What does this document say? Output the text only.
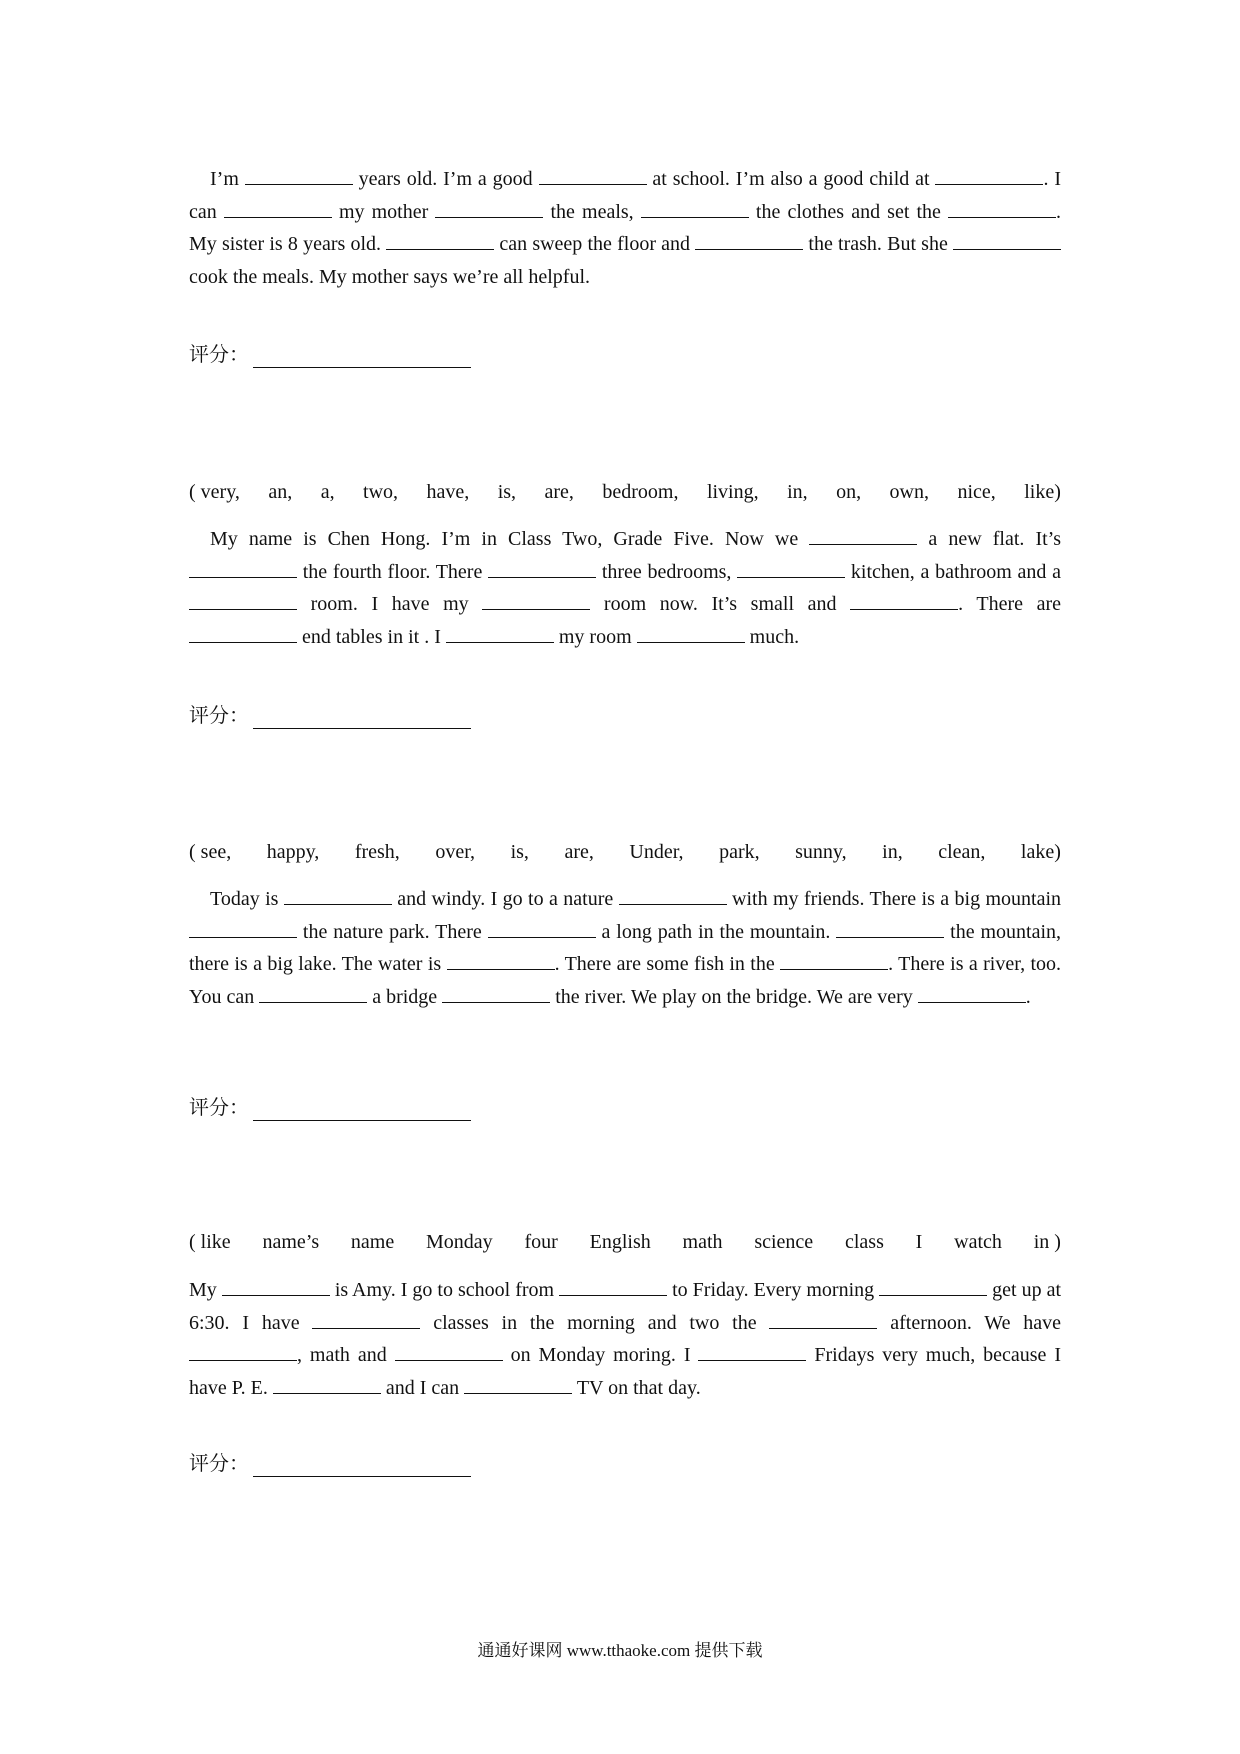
I’m	years old. I’m a good	at school. I’m also a good child at	. I can	my mother	the meals,	the clothes and set the	. My sister is 8 years old.	can sweep the floor and	the trash. But she  cook the meals. My mother says we’re all helpful.

评分：
( very, an, a, two, have, is, are, bedroom, living, in, on, own, nice, like)

My name is Chen Hong. I’m in Class Two, Grade Five. Now we	a new flat. It’s  the fourth floor. There	three bedrooms,	kitchen, a bathroom and a  room. I have my	room now. It’s small and	. There are  end tables in it . I	my room	much.

评分：
( see, happy, fresh, over, is, are, Under, park, sunny, in, clean, lake)

Today is	and windy. I go to a nature	with my friends. There is a big mountain  the nature park. There	a long path in the mountain.	the mountain, there is a big lake. The water is	. There are some fish in the	. There is a river, too. You can	a bridge	the river. We play on the bridge. We are very	.

评分：
( like name’s name Monday four English math science class I watch in )

My	is Amy. I go to school from	to Friday. Every morning	get up at 6:30. I have	classes in the morning and two the	afternoon. We have , math and	on Monday moring. I	Fridays very much, because I have P. E.	and I can	TV on that day.

评分：
通通好课网 www.tthaoke.com 提供下载
